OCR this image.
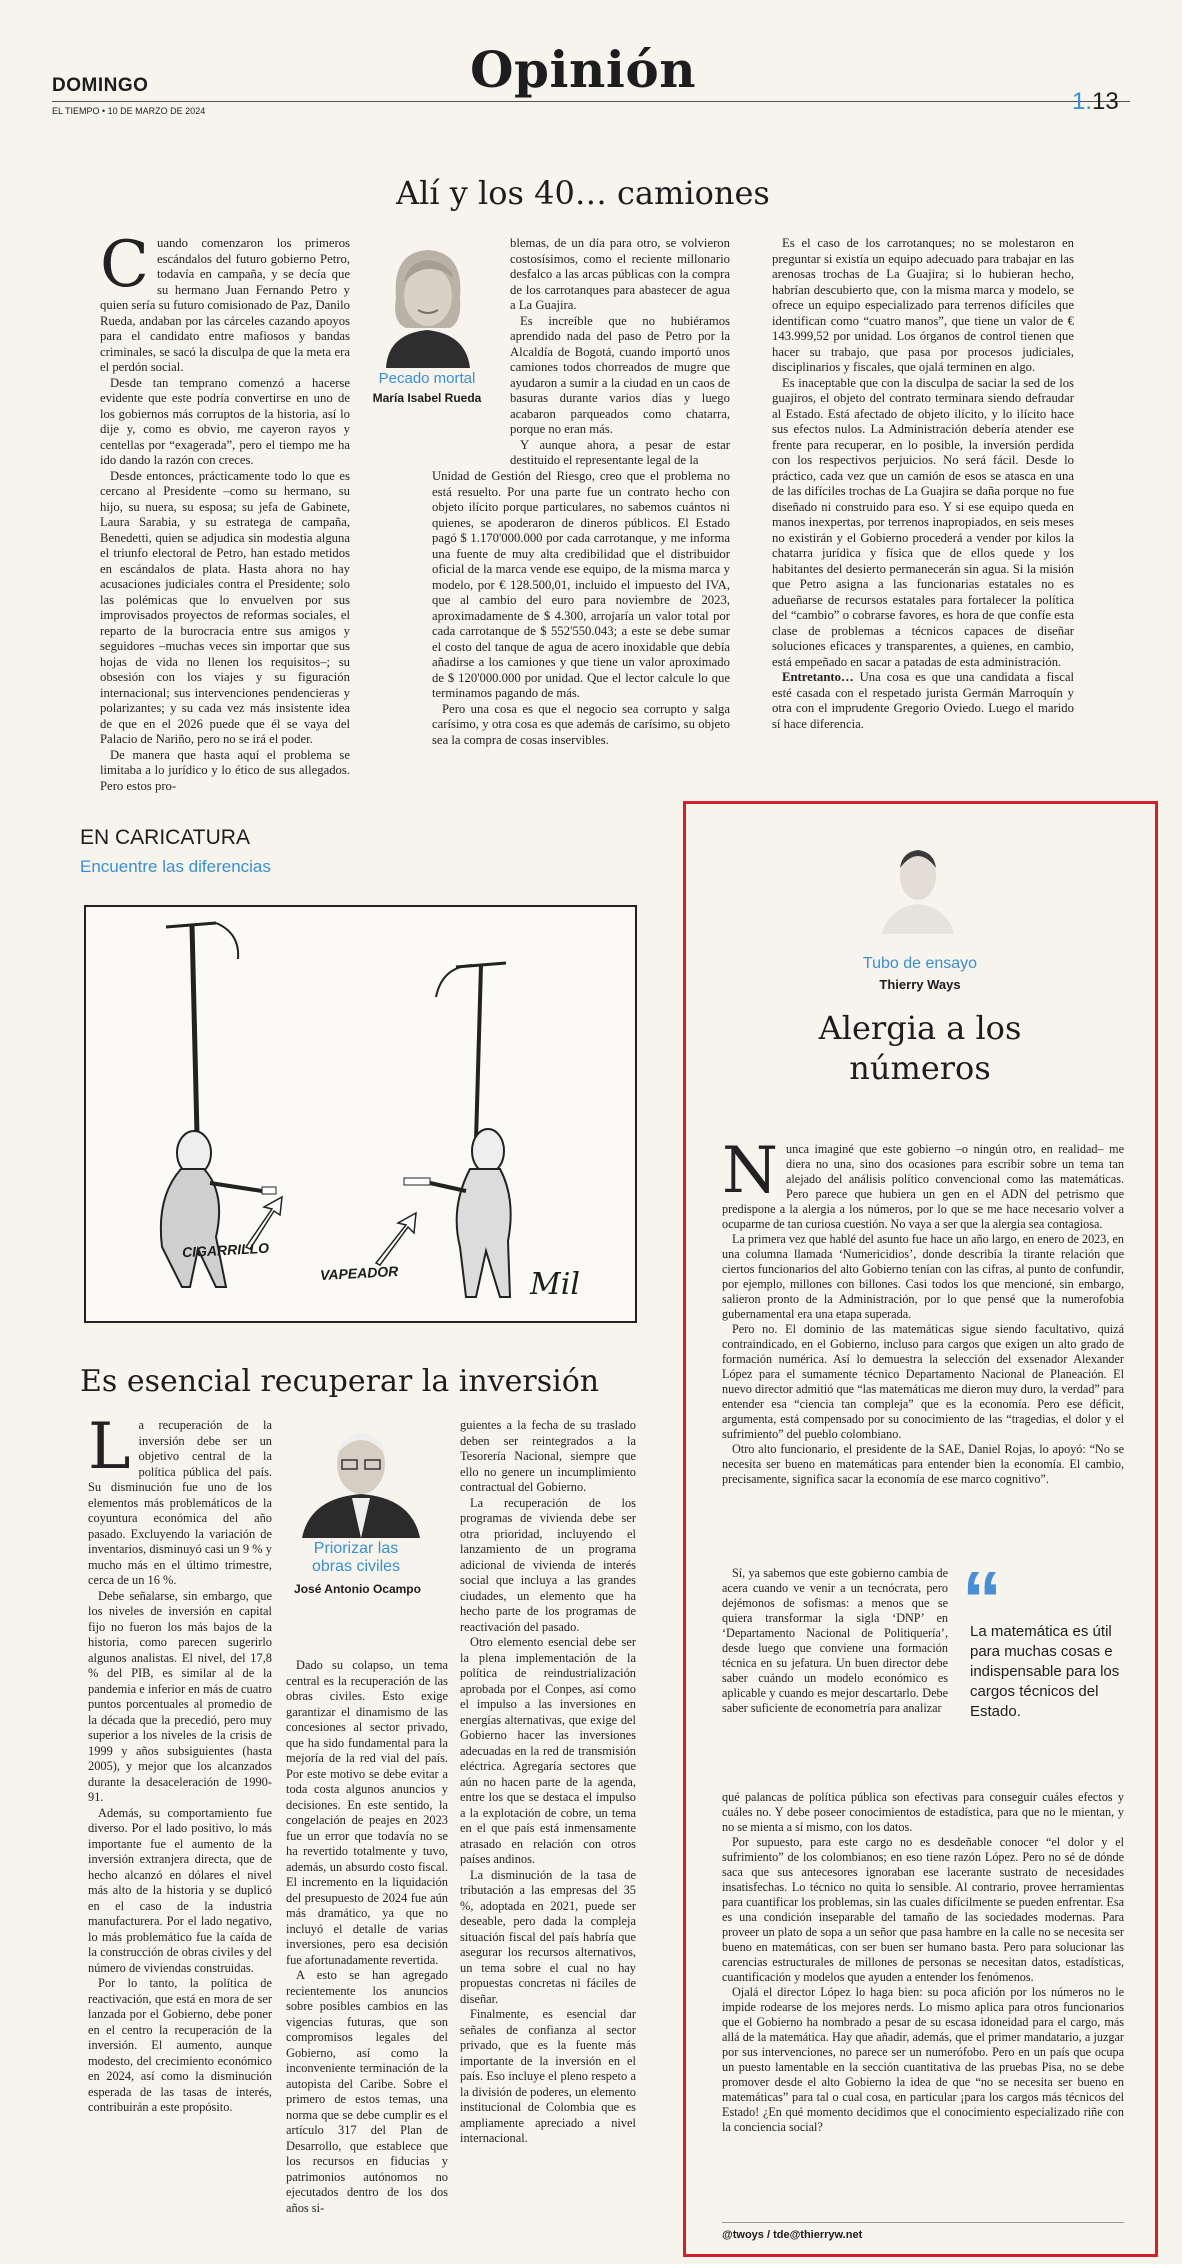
DOMINGO
EL TIEMPO • 10 DE MARZO DE 2024
Opinión
1.13
Alí y los 40… camiones

Cuando comenzaron los primeros escándalos del futuro gobierno Petro, todavía en campaña, y se decía que su hermano Juan Fernando Petro y quien sería su futuro comisionado de Paz, Danilo Rueda, andaban por las cárceles cazando apoyos para el candidato entre mafiosos y bandas criminales, se sacó la disculpa de que la meta era el perdón social.

Desde tan temprano comenzó a hacerse evidente que este podría convertirse en uno de los gobiernos más corruptos de la historia, así lo dije y, como es obvio, me cayeron rayos y centellas por “exagerada”, pero el tiempo me ha ido dando la razón con creces.

Desde entonces, prácticamente todo lo que es cercano al Presidente –como su hermano, su hijo, su nuera, su esposa; su jefa de Gabinete, Laura Sarabia, y su estratega de campaña, Benedetti, quien se adjudica sin modestia alguna el triunfo electoral de Petro, han estado metidos en escándalos de plata. Hasta ahora no hay acusaciones judiciales contra el Presidente; solo las polémicas que lo envuelven por sus improvisados proyectos de reformas sociales, el reparto de la burocracia entre sus amigos y seguidores –muchas veces sin importar que sus hojas de vida no llenen los requisitos–; su obsesión con los viajes y su figuración internacional; sus intervenciones pendencieras y polarizantes; y su cada vez más insistente idea de que en el 2026 puede que él se vaya del Palacio de Nariño, pero no se irá el poder.

De manera que hasta aquí el problema se limitaba a lo jurídico y lo ético de sus allegados. Pero estos pro-

Pecado mortal
María Isabel Rueda

blemas, de un día para otro, se volvieron costosísimos, como el reciente millonario desfalco a las arcas públicas con la compra de los carrotanques para abastecer de agua a La Guajira.

Es increíble que no hubiéramos aprendido nada del paso de Petro por la Alcaldía de Bogotá, cuando importó unos camiones todos chorreados de mugre que ayudaron a sumir a la ciudad en un caos de basuras durante varios días y luego acabaron parqueados como chatarra, porque no eran más.

Y aunque ahora, a pesar de estar destituido el representante legal de la

Unidad de Gestión del Riesgo, creo que el problema no está resuelto. Por una parte fue un contrato hecho con objeto ilícito porque particulares, no sabemos cuántos ni quienes, se apoderaron de dineros públicos. El Estado pagó $ 1.170'000.000 por cada carrotanque, y me informa una fuente de muy alta credibilidad que el distribuidor oficial de la marca vende ese equipo, de la misma marca y modelo, por € 128.500,01, incluido el impuesto del IVA, que al cambio del euro para noviembre de 2023, aproximadamente de $ 4.300, arrojaría un valor total por cada carrotanque de $ 552'550.043; a este se debe sumar el costo del tanque de agua de acero inoxidable que debía añadirse a los camiones y que tiene un valor aproximado de $ 120'000.000 por unidad. Que el lector calcule lo que terminamos pagando de más.

Pero una cosa es que el negocio sea corrupto y salga carísimo, y otra cosa es que además de carísimo, su objeto sea la compra de cosas inservibles.

Es el caso de los carrotanques; no se molestaron en preguntar si existía un equipo adecuado para trabajar en las arenosas trochas de La Guajira; si lo hubieran hecho, habrían descubierto que, con la misma marca y modelo, se ofrece un equipo especializado para terrenos difíciles que identifican como “cuatro manos”, que tiene un valor de € 143.999,52 por unidad. Los órganos de control tienen que hacer su trabajo, que pasa por procesos judiciales, disciplinarios y fiscales, que ojalá terminen en algo.

Es inaceptable que con la disculpa de saciar la sed de los guajiros, el objeto del contrato terminara siendo defraudar al Estado. Está afectado de objeto ilícito, y lo ilícito hace sus efectos nulos. La Administración debería atender ese frente para recuperar, en lo posible, la inversión perdida con los respectivos perjuicios. No será fácil. Desde lo práctico, cada vez que un camión de esos se atasca en una de las difíciles trochas de La Guajira se daña porque no fue diseñado ni construido para eso. Y si ese equipo queda en manos inexpertas, por terrenos inapropiados, en seis meses no existirán y el Gobierno procederá a vender por kilos la chatarra jurídica y física que de ellos quede y los habitantes del desierto permanecerán sin agua. Si la misión que Petro asigna a las funcionarias estatales no es adueñarse de recursos estatales para fortalecer la política del “cambio” o cobrarse favores, es hora de que confíe esta clase de problemas a técnicos capaces de diseñar soluciones eficaces y transparentes, a quienes, en cambio, está empeñado en sacar a patadas de esta administración.

Entretanto… Una cosa es que una candidata a fiscal esté casada con el respetado jurista Germán Marroquín y otra con el imprudente Gregorio Oviedo. Luego el marido sí hace diferencia.

EN CARICATURA
Encuentre las diferencias
CIGARRILLO
VAPEADOR	Mil
Es esencial recuperar la inversión

La recuperación de la inversión debe ser un objetivo central de la política pública del país. Su disminución fue uno de los elementos más problemáticos de la coyuntura económica del año pasado. Excluyendo la variación de inventarios, disminuyó casi un 9 % y mucho más en el último trimestre, cerca de un 16 %.

Debe señalarse, sin embargo, que los niveles de inversión en capital fijo no fueron los más bajos de la historia, como parecen sugerirlo algunos analistas. El nivel, del 17,8 % del PIB, es similar al de la pandemia e inferior en más de cuatro puntos porcentuales al promedio de la década que la precedió, pero muy superior a los niveles de la crisis de 1999 y años subsiguientes (hasta 2005), y mejor que los alcanzados durante la desaceleración de 1990-91.

Además, su comportamiento fue diverso. Por el lado positivo, lo más importante fue el aumento de la inversión extranjera directa, que de hecho alcanzó en dólares el nivel más alto de la historia y se duplicó en el caso de la industria manufacturera. Por el lado negativo, lo más problemático fue la caída de la construcción de obras civiles y del número de viviendas construidas.

Por lo tanto, la política de reactivación, que está en mora de ser lanzada por el Gobierno, debe poner en el centro la recuperación de la inversión. El aumento, aunque modesto, del crecimiento económico en 2024, así como la disminución esperada de las tasas de interés, contribuirán a este propósito.

Priorizar las obras civiles
José Antonio Ocampo

Dado su colapso, un tema central es la recuperación de las obras civiles. Esto exige garantizar el dinamismo de las concesiones al sector privado, que ha sido fundamental para la mejoría de la red vial del país. Por este motivo se debe evitar a toda costa algunos anuncios y decisiones. En este sentido, la congelación de peajes en 2023 fue un error que todavía no se ha revertido totalmente y tuvo, además, un absurdo costo fiscal. El incremento en la liquidación del presupuesto de 2024 fue aún más dramático, ya que no incluyó el detalle de varias inversiones, pero esa decisión fue afortunadamente revertida.

A esto se han agregado recientemente los anuncios sobre posibles cambios en las vigencias futuras, que son compromisos legales del Gobierno, así como la inconveniente terminación de la autopista del Caribe. Sobre el primero de estos temas, una norma que se debe cumplir es el artículo 317 del Plan de Desarrollo, que establece que los recursos en fiducias y patrimonios autónomos no ejecutados dentro de los dos años si-

guientes a la fecha de su traslado deben ser reintegrados a la Tesorería Nacional, siempre que ello no genere un incumplimiento contractual del Gobierno.

La recuperación de los programas de vivienda debe ser otra prioridad, incluyendo el lanzamiento de un programa adicional de vivienda de interés social que incluya a las grandes ciudades, un elemento que ha hecho parte de los programas de reactivación del pasado.

Otro elemento esencial debe ser la plena implementación de la política de reindustrialización aprobada por el Conpes, así como el impulso a las inversiones en energías alternativas, que exige del Gobierno hacer las inversiones adecuadas en la red de transmisión eléctrica. Agregaría sectores que aún no hacen parte de la agenda, entre los que se destaca el impulso a la explotación de cobre, un tema en el que país está inmensamente atrasado en relación con otros países andinos.

La disminución de la tasa de tributación a las empresas del 35 %, adoptada en 2021, puede ser deseable, pero dada la compleja situación fiscal del país habría que asegurar los recursos alternativos, un tema sobre el cual no hay propuestas concretas ni fáciles de diseñar.

Finalmente, es esencial dar señales de confianza al sector privado, que es la fuente más importante de la inversión en el país. Eso incluye el pleno respeto a la división de poderes, un elemento institucional de Colombia que es ampliamente apreciado a nivel internacional.

Tubo de ensayo
Thierry Ways
Alergia a los
números

Nunca imaginé que este gobierno –o ningún otro, en realidad– me diera no una, sino dos ocasiones para escribir sobre un tema tan alejado del análisis político convencional como las matemáticas. Pero parece que hubiera un gen en el ADN del petrismo que predispone a la alergia a los números, por lo que se me hace necesario volver a ocuparme de tan curiosa cuestión. No vaya a ser que la alergia sea contagiosa.

La primera vez que hablé del asunto fue hace un año largo, en enero de 2023, en una columna llamada ‘Numericidios’, donde describía la tirante relación que ciertos funcionarios del alto Gobierno tenían con las cifras, al punto de confundir, por ejemplo, millones con billones. Casi todos los que mencioné, sin embargo, salieron pronto de la Administración, por lo que pensé que la numerofobia gubernamental era una etapa superada.

Pero no. El dominio de las matemáticas sigue siendo facultativo, quizá contraindicado, en el Gobierno, incluso para cargos que exigen un alto grado de formación numérica. Así lo demuestra la selección del exsenador Alexander López para el sumamente técnico Departamento Nacional de Planeación. El nuevo director admitió que “las matemáticas me dieron muy duro, la verdad” para entender esa “ciencia tan compleja” que es la economía. Pero ese déficit, argumenta, está compensado por su conocimiento de las “tragedias, el dolor y el sufrimiento” del pueblo colombiano.

Otro alto funcionario, el presidente de la SAE, Daniel Rojas, lo apoyó: “No se necesita ser bueno en matemáticas para entender bien la economía. El cambio, precisamente, significa sacar la economía de ese marco cognitivo”.

Sí, ya sabemos que este gobierno cambia de acera cuando ve venir a un tecnócrata, pero dejémonos de sofismas: a menos que se quiera transformar la sigla ‘DNP’ en ‘Departamento Nacional de Politiquería’, desde luego que conviene una formación técnica en su jefatura. Un buen director debe saber cuándo un modelo económico es aplicable y cuando es mejor descartarlo. Debe saber suficiente de econometría para analizar

“
La matemática es útil para muchas cosas e indispensable para los cargos técnicos del Estado.

qué palancas de política pública son efectivas para conseguir cuáles efectos y cuáles no. Y debe poseer conocimientos de estadística, para que no le mientan, y no se mienta a sí mismo, con los datos.

Por supuesto, para este cargo no es desdeñable conocer “el dolor y el sufrimiento” de los colombianos; en eso tiene razón López. Pero no sé de dónde saca que sus antecesores ignoraban ese lacerante sustrato de necesidades insatisfechas. Lo técnico no quita lo sensible. Al contrario, provee herramientas para cuantificar los problemas, sin las cuales difícilmente se pueden enfrentar. Esa es una condición inseparable del tamaño de las sociedades modernas. Para proveer un plato de sopa a un señor que pasa hambre en la calle no se necesita ser bueno en matemáticas, con ser buen ser humano basta. Pero para solucionar las carencias estructurales de millones de personas se necesitan datos, estadísticas, cuantificación y modelos que ayuden a entender los fenómenos.

Ojalá el director López lo haga bien: su poca afición por los números no le impide rodearse de los mejores nerds. Lo mismo aplica para otros funcionarios que el Gobierno ha nombrado a pesar de su escasa idoneidad para el cargo, más allá de la matemática. Hay que añadir, además, que el primer mandatario, a juzgar por sus intervenciones, no parece ser un numerófobo. Pero en un país que ocupa un puesto lamentable en la sección cuantitativa de las pruebas Pisa, no se debe promover desde el alto Gobierno la idea de que “no se necesita ser bueno en matemáticas” para tal o cual cosa, en particular ¡para los cargos más técnicos del Estado! ¿En qué momento decidimos que el conocimiento especializado riñe con la conciencia social?

@twoys / tde@thierryw.net
